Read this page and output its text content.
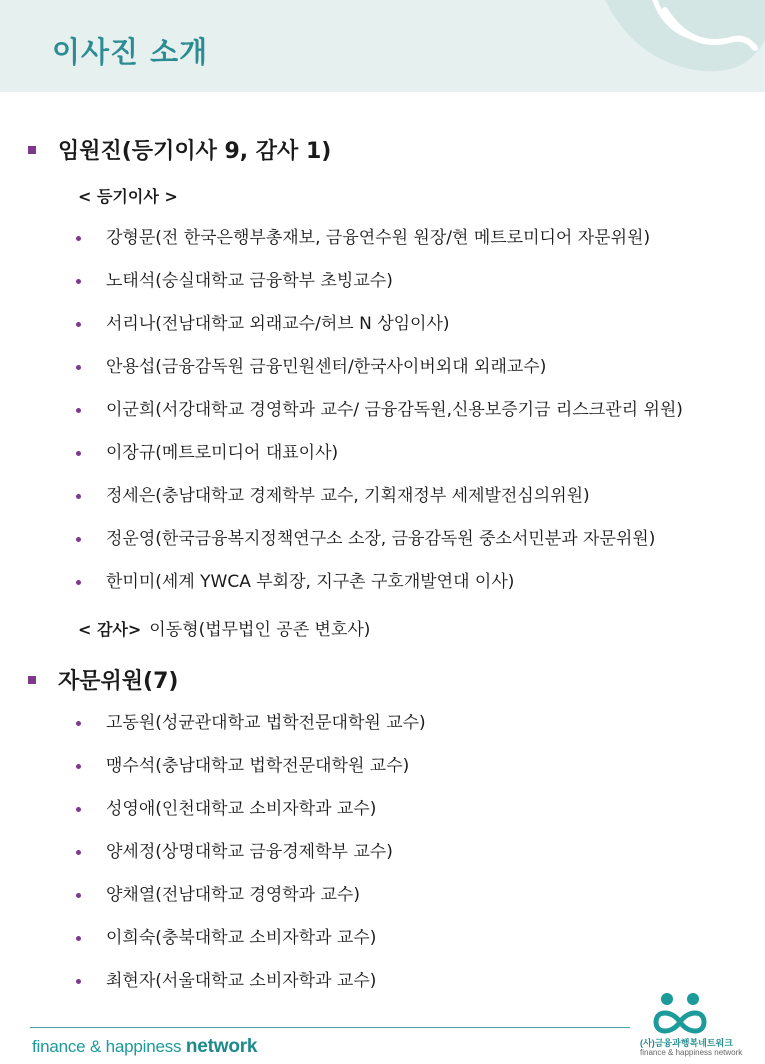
이사진 소개
임원진(등기이사 9, 감사 1)
< 등기이사 >
강형문(전 한국은행부총재보, 금융연수원 원장/현 메트로미디어 자문위원)
노태석(숭실대학교 금융학부 초빙교수)
서리나(전남대학교 외래교수/허브 N 상임이사)
안용섭(금융감독원 금융민원센터/한국사이버외대 외래교수)
이군희(서강대학교 경영학과 교수/ 금융감독원,신용보증기금 리스크관리 위원)
이장규(메트로미디어 대표이사)
정세은(충남대학교 경제학부 교수, 기획재정부 세제발전심의위원)
정운영(한국금융복지정책연구소 소장, 금융감독원 중소서민분과 자문위원)
한미미(세계 YWCA 부회장, 지구촌 구호개발연대 이사)
< 감사> 이동형(법무법인 공존 변호사)
자문위원(7)
고동원(성균관대학교 법학전문대학원 교수)
맹수석(충남대학교 법학전문대학원 교수)
성영애(인천대학교 소비자학과 교수)
양세정(상명대학교 금융경제학부 교수)
양채열(전남대학교 경영학과 교수)
이희숙(충북대학교 소비자학과 교수)
최현자(서울대학교 소비자학과 교수)
finance & happiness network	(사)금융과행복네트워크
finance & happiness network
